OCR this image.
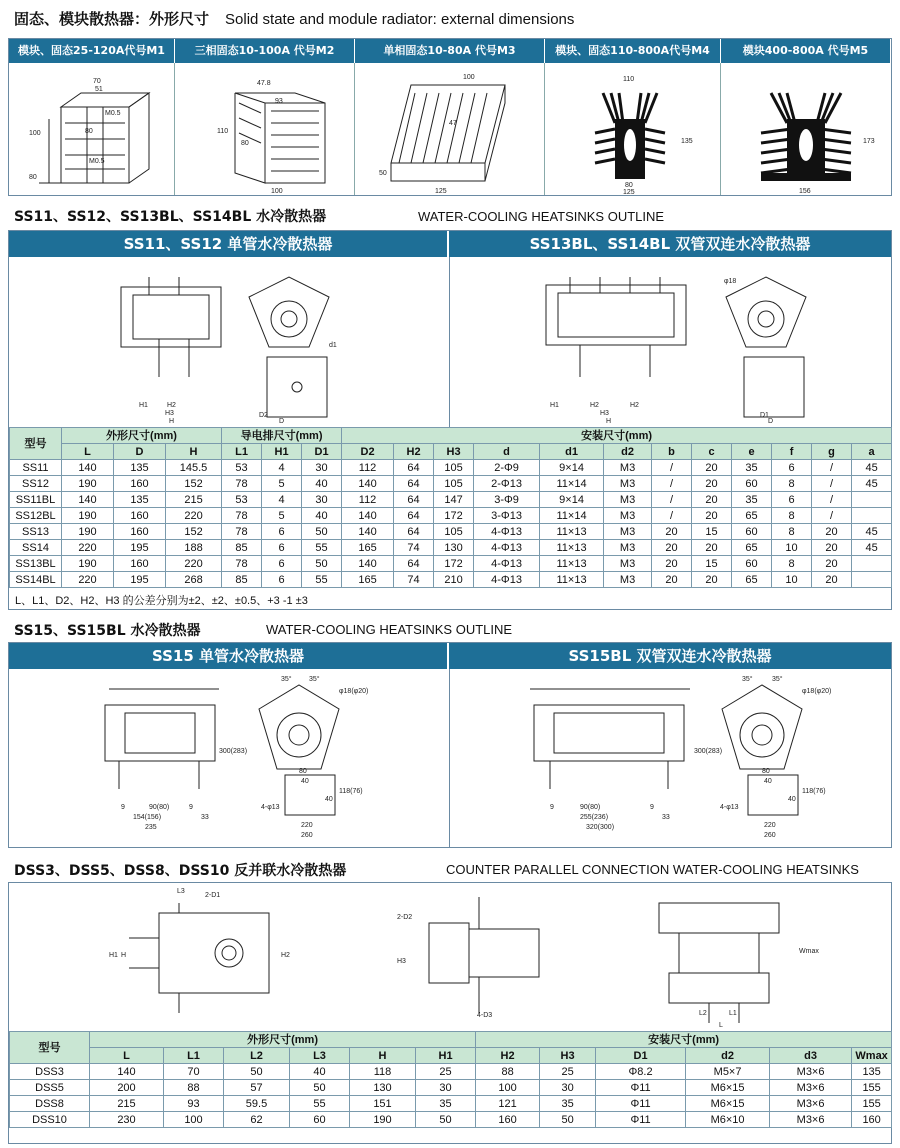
固态、模块散热器：外形尺寸 Solid state and module radiator: external dimensions
模块、固态25-120A代号M1	三相固态10-100A 代号M2	单相固态10-80A 代号M3	模块、固态110-800A代号M4	模块400-800A 代号M5
70
51
100	80
80
M0.5
M0.5
47.8
93
110
80
100
100
47
50
125
110
135
80
125
173
156
SS11、SS12、SS13BL、SS14BL 水冷散热器	WATER-COOLING HEATSINKS OUTLINE
SS11、SS12 单管水冷散热器	SS13BL、SS14BL 双管双连水冷散热器
H1	H2
H3
H
D2
D
d1
H1	H2	H2
H3
H
D1
D
φ18
型号	外形尺寸(mm)			导电排尺寸(mm)			安装尺寸(mm)											
	L	D	H	L1	H1	D1	D2	H2	H3	d	d1	d2	b	c	e	f	g	a
SS11	140	135	145.5	53	4	30	112	64	105	2-Φ9	9×14	M3	/	20	35	6	/	45
SS12	190	160	152	78	5	40	140	64	105	2-Φ13	11×14	M3	/	20	60	8	/	45
SS11BL	140	135	215	53	4	30	112	64	147	3-Φ9	9×14	M3	/	20	35	6	/	
SS12BL	190	160	220	78	5	40	140	64	172	3-Φ13	11×14	M3	/	20	65	8	/	
SS13	190	160	152	78	6	50	140	64	105	4-Φ13	11×13	M3	20	15	60	8	20	45
SS14	220	195	188	85	6	55	165	74	130	4-Φ13	11×13	M3	20	20	65	10	20	45
SS13BL	190	160	220	78	6	50	140	64	172	4-Φ13	11×13	M3	20	15	60	8	20	
SS14BL	220	195	268	85	6	55	165	74	210	4-Φ13	11×13	M3	20	20	65	10	20	
L、L1、D2、H2、H3 的公差分别为±2、±2、±0.5、+3 -1 ±3
SS15、SS15BL 水冷散热器	WATER-COOLING HEATSINKS OUTLINE
SS15 单管水冷散热器	SS15BL 双管双连水冷散热器
9	90(80)	9
154(156)	33
235
300(283)
35° 35°
φ18(φ20)
80
40
4-φ13
40
118(76)
220
260
9	90(80)	9
255(236)	33
320(300)
300(283)
35°	35°
φ18(φ20)
80
40
4-φ13
40
118(76)
220
260
DSS3、DSS5、DSS8、DSS10 反并联水冷散热器	COUNTER PARALLEL CONNECTION WATER-COOLING HEATSINKS
L3
2-D1
H1 H	H2
2-D2
H3
4-D3	L2	L1
L
Wmax
型号	外形尺寸(mm)						安装尺寸(mm)					
	L	L1	L2	L3	H	H1	H2	H3	D1	d2	d3	Wmax
DSS3	140	70	50	40	118	25	88	25	Φ8.2	M5×7	M3×6	135
DSS5	200	88	57	50	130	30	100	30	Φ11	M6×15	M3×6	155
DSS8	215	93	59.5	55	151	35	121	35	Φ11	M6×15	M3×6	155
DSS10	230	100	62	60	190	50	160	50	Φ11	M6×10	M3×6	160
